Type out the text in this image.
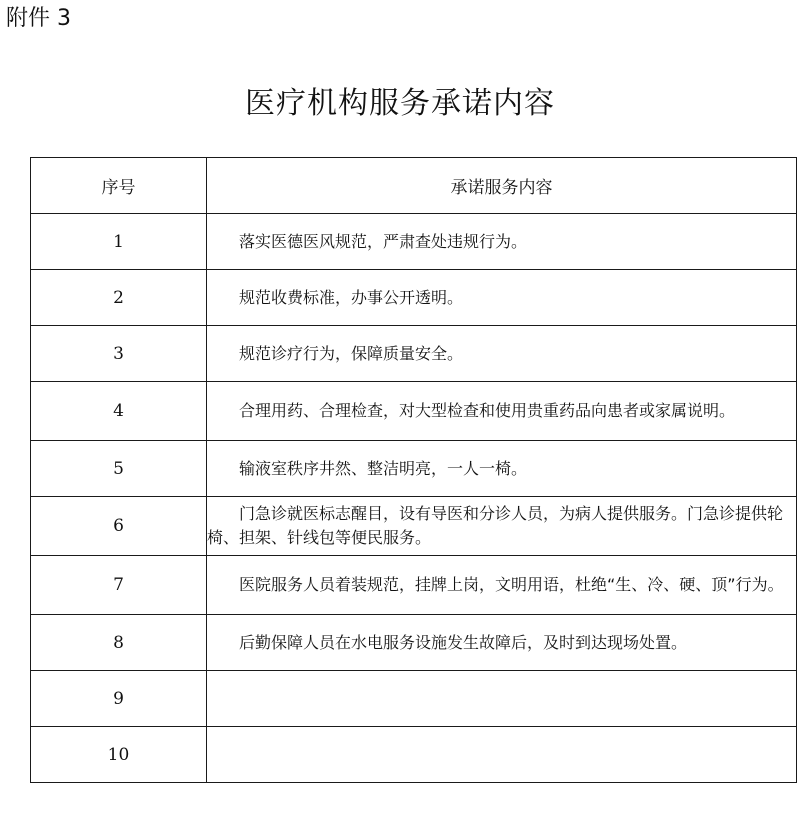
附件 3
医疗机构服务承诺内容
序号	承诺服务内容
1	落实医德医风规范，严肃查处违规行为。
2	规范收费标准，办事公开透明。
3	规范诊疗行为，保障质量安全。
4	合理用药、合理检查，对大型检查和使用贵重药品向患者或家属说明。
5	输液室秩序井然、整洁明亮，一人一椅。
6	门急诊就医标志醒目，设有导医和分诊人员，为病人提供服务。门急诊提供轮椅、担架、针线包等便民服务。
7	医院服务人员着装规范，挂牌上岗，文明用语，杜绝“生、冷、硬、顶”行为。
8	后勤保障人员在水电服务设施发生故障后，及时到达现场处置。
9	
10	
